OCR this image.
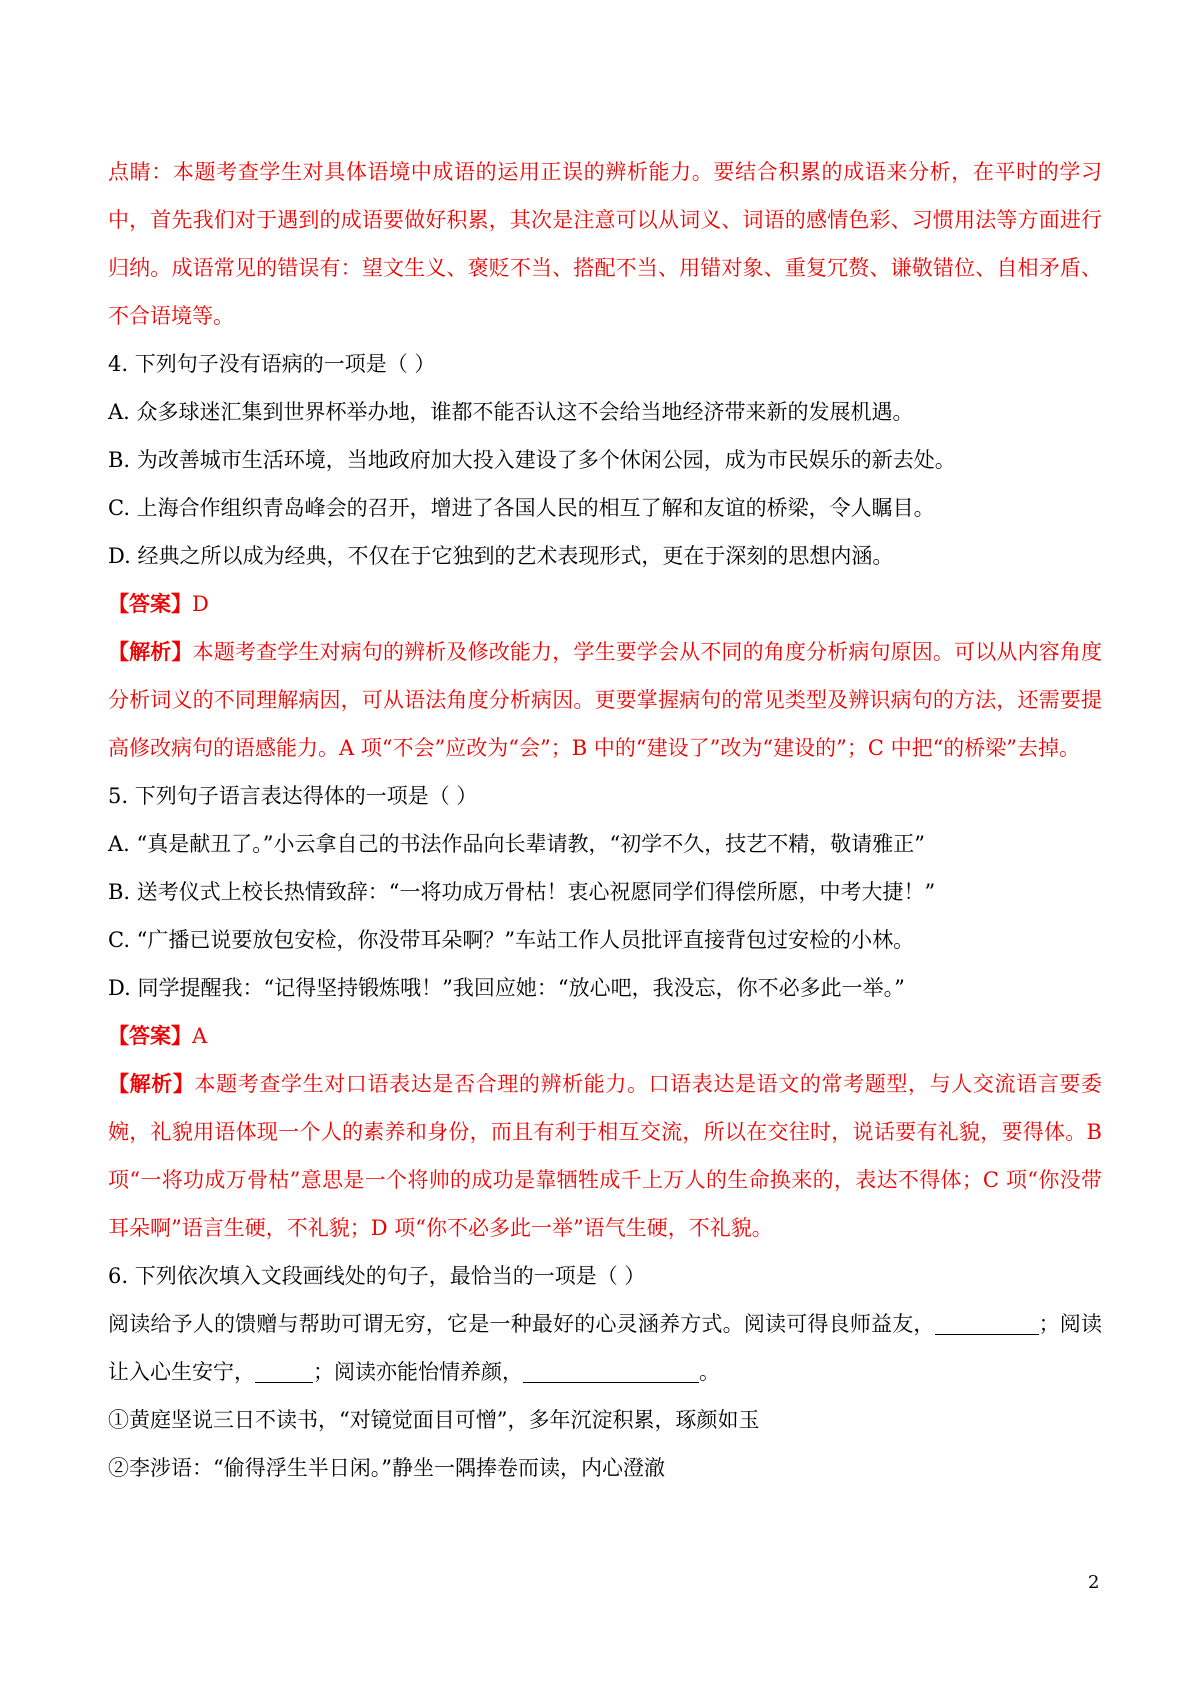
点睛：本题考查学生对具体语境中成语的运用正误的辨析能力。要结合积累的成语来分析，在平时的学习中，首先我们对于遇到的成语要做好积累，其次是注意可以从词义、词语的感情色彩、习惯用法等方面进行归纳。成语常见的错误有：望文生义、褒贬不当、搭配不当、用错对象、重复冗赘、谦敬错位、自相矛盾、不合语境等。

4. 下列句子没有语病的一项是（ ）

A. 众多球迷汇集到世界杯举办地，谁都不能否认这不会给当地经济带来新的发展机遇。

B. 为改善城市生活环境，当地政府加大投入建设了多个休闲公园，成为市民娱乐的新去处。

C. 上海合作组织青岛峰会的召开，增进了各国人民的相互了解和友谊的桥梁，令人瞩目。

D. 经典之所以成为经典，不仅在于它独到的艺术表现形式，更在于深刻的思想内涵。

【答案】D

【解析】本题考查学生对病句的辨析及修改能力，学生要学会从不同的角度分析病句原因。可以从内容角度分析词义的不同理解病因，可从语法角度分析病因。更要掌握病句的常见类型及辨识病句的方法，还需要提高修改病句的语感能力。A 项“不会”应改为“会”；B 中的“建设了”改为“建设的”；C 中把“的桥梁”去掉。

5. 下列句子语言表达得体的一项是（ ）

A. “真是献丑了。”小云拿自己的书法作品向长辈请教，“初学不久，技艺不精，敬请雅正”

B. 送考仪式上校长热情致辞：“一将功成万骨枯！衷心祝愿同学们得偿所愿，中考大捷！”

C. “广播已说要放包安检，你没带耳朵啊？”车站工作人员批评直接背包过安检的小林。

D. 同学提醒我：“记得坚持锻炼哦！”我回应她：“放心吧，我没忘，你不必多此一举。”

【答案】A

【解析】本题考查学生对口语表达是否合理的辨析能力。口语表达是语文的常考题型，与人交流语言要委婉，礼貌用语体现一个人的素养和身份，而且有利于相互交流，所以在交往时，说话要有礼貌，要得体。B 项“一将功成万骨枯”意思是一个将帅的成功是靠牺牲成千上万人的生命换来的，表达不得体；C 项“你没带耳朵啊”语言生硬，不礼貌；D 项“你不必多此一举”语气生硬，不礼貌。

6. 下列依次填入文段画线处的句子，最恰当的一项是（ ）

阅读给予人的馈赠与帮助可谓无穷，它是一种最好的心灵涵养方式。阅读可得良师益友，	；阅读让入心生安宁，	；阅读亦能怡情养颜，	。

①黄庭坚说三日不读书，“对镜觉面目可憎”，多年沉淀积累，琢颜如玉

②李涉语：“偷得浮生半日闲。”静坐一隅捧卷而读，内心澄澈

2
